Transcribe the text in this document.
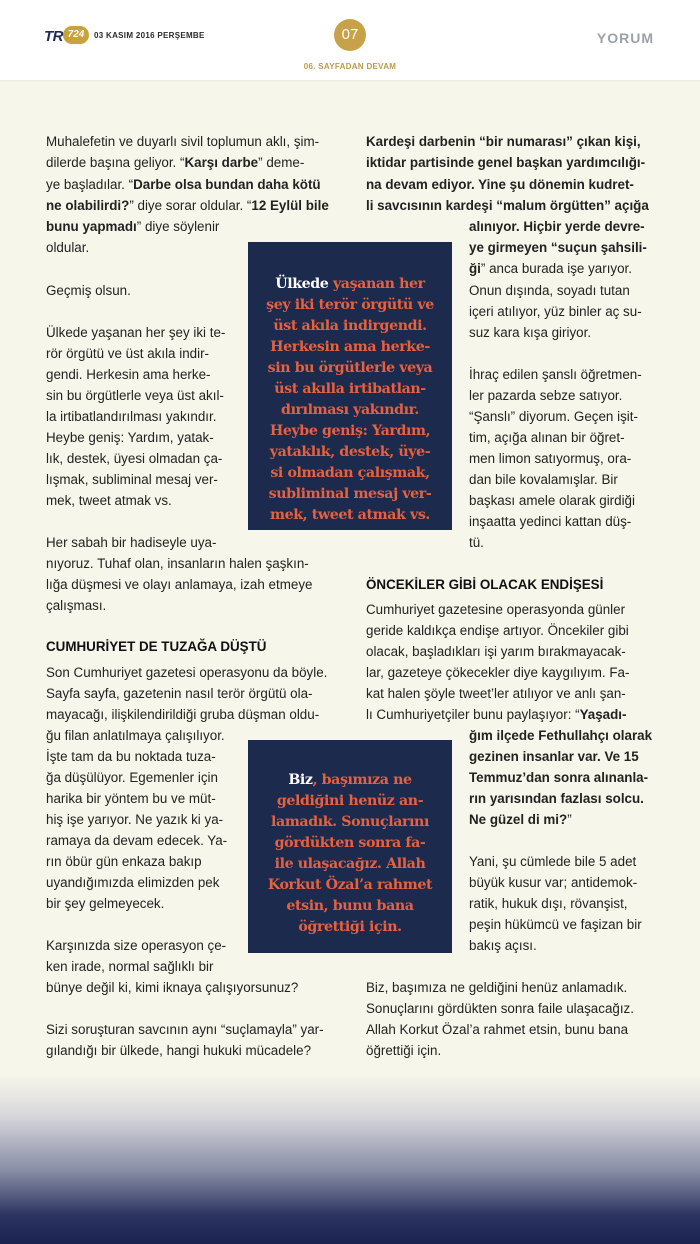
TR 724	03 KASIM 2016 PERŞEMBE	07
06. SAYFADAN DEVAM
YORUM
Muhalefetin ve duyarlı sivil toplumun aklı, şim-
dilerde başına geliyor. “Karşı darbe” deme-
ye başladılar. “Darbe olsa bundan daha kötü
ne olabilirdi?” diye sorar oldular. “12 Eylül bile
bunu yapmadı” diye söylenir
oldular.
Geçmiş olsun.
Ülkede yaşanan her şey iki te-
rör örgütü ve üst akıla indir-
gendi. Herkesin ama herke-
sin bu örgütlerle veya üst akıl-
la irtibatlandırılması yakındır.
Heybe geniş: Yardım, yatak-
lık, destek, üyesi olmadan ça-
lışmak, subliminal mesaj ver-
mek, tweet atmak vs.
Her sabah bir hadiseyle uya-
nıyoruz. Tuhaf olan, insanların halen şaşkın-
lığa düşmesi ve olayı anlamaya, izah etmeye
çalışması.
CUMHURİYET DE TUZAĞA DÜŞTÜ
Son Cumhuriyet gazetesi operasyonu da böyle.
Sayfa sayfa, gazetenin nasıl terör örgütü ola-
mayacağı, ilişkilendirildiği gruba düşman oldu-
ğu filan anlatılmaya çalışılıyor.
İşte tam da bu noktada tuza-
ğa düşülüyor. Egemenler için
harika bir yöntem bu ve müt-
hiş işe yarıyor. Ne yazık ki ya-
ramaya da devam edecek. Ya-
rın öbür gün enkaza bakıp
uyandığımızda elimizden pek
bir şey gelmeyecek.
Karşınızda size operasyon çe-
ken irade, normal sağlıklı bir
bünye değil ki, kimi iknaya çalışıyorsunuz?
Sizi soruşturan savcının aynı “suçlamayla” yar-
gılandığı bir ülkede, hangi hukuki mücadele?
Kardeşi darbenin “bir numarası” çıkan kişi,
iktidar partisinde genel başkan yardımcılığı-
na devam ediyor. Yine şu dönemin kudret-
li savcısının kardeşi “malum örgütten” açığa
alınıyor. Hiçbir yerde devre-
ye girmeyen “suçun şahsili-
ği” anca burada işe yarıyor.
Onun dışında, soyadı tutan
içeri atılıyor, yüz binler aç su-
suz kara kışa giriyor.
İhraç edilen şanslı öğretmen-
ler pazarda sebze satıyor.
“Şanslı” diyorum. Geçen işit-
tim, açığa alınan bir öğret-
men limon satıyormuş, ora-
dan bile kovalamışlar. Bir
başkası amele olarak girdiği
inşaatta yedinci kattan düş-
tü.
ÖNCEKİLER GİBİ OLACAK ENDİŞESİ
Cumhuriyet gazetesine operasyonda günler
geride kaldıkça endişe artıyor. Öncekiler gibi
olacak, başladıkları işi yarım bırakmayacak-
lar, gazeteye çökecekler diye kaygılıyım. Fa-
kat halen şöyle tweet’ler atılıyor ve anlı şan-
lı Cumhuriyetçiler bunu paylaşıyor: “Yaşadı-
ğım ilçede Fethullahçı olarak
gezinen insanlar var. Ve 15
Temmuz’dan sonra alınanla-
rın yarısından fazlası solcu.
Ne güzel di mi?”
Yani, şu cümlede bile 5 adet
büyük kusur var; antidemok-
ratik, hukuk dışı, rövanşist,
peşin hükümcü ve faşizan bir
bakış açısı.
Biz, başımıza ne geldiğini henüz anlamadık.
Sonuçlarını gördükten sonra faile ulaşacağız.
Allah Korkut Özal’a rahmet etsin, bunu bana
öğrettiği için.
Ülkede yaşanan her
şey iki terör örgütü ve
üst akıla indirgendi.
Herkesin ama herke-
sin bu örgütlerle veya
üst akılla irtibatlan-
dırılması yakındır.
Heybe geniş: Yardım,
yataklık, destek, üye-
si olmadan çalışmak,
subliminal mesaj ver-
mek, tweet atmak vs.
Biz, başımıza ne
geldiğini henüz an-
lamadık. Sonuçlarını
gördükten sonra fa-
ile ulaşacağız. Allah
Korkut Özal’a rahmet
etsin, bunu bana
öğrettiği için.
